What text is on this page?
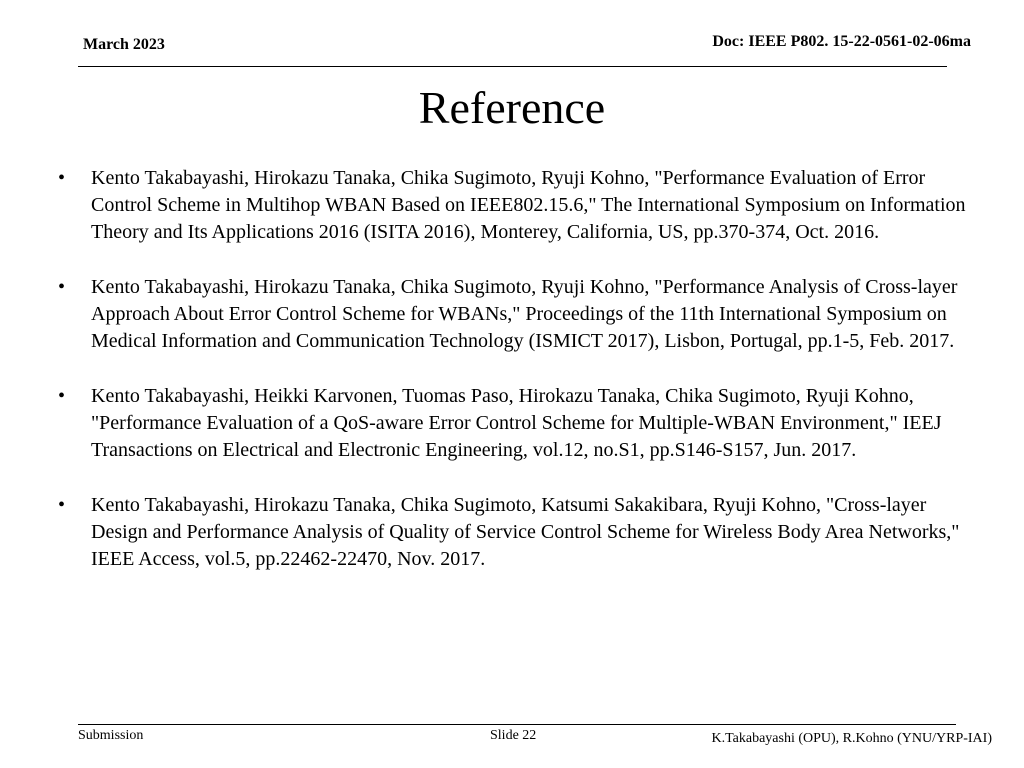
March 2023	Doc: IEEE P802. 15-22-0561-02-06ma
Reference
• Kento Takabayashi, Hirokazu Tanaka, Chika Sugimoto, Ryuji Kohno, "Performance Evaluation of Error Control Scheme in Multihop WBAN Based on IEEE802.15.6," The International Symposium on Information Theory and Its Applications 2016 (ISITA 2016), Monterey, California, US, pp.370-374, Oct. 2016.
• Kento Takabayashi, Hirokazu Tanaka, Chika Sugimoto, Ryuji Kohno, "Performance Analysis of Cross-layer Approach About Error Control Scheme for WBANs," Proceedings of the 11th International Symposium on Medical Information and Communication Technology (ISMICT 2017), Lisbon, Portugal, pp.1-5, Feb. 2017.
• Kento Takabayashi, Heikki Karvonen, Tuomas Paso, Hirokazu Tanaka, Chika Sugimoto, Ryuji Kohno, "Performance Evaluation of a QoS-aware Error Control Scheme for Multiple-WBAN Environment," IEEJ Transactions on Electrical and Electronic Engineering, vol.12, no.S1, pp.S146-S157, Jun. 2017.
• Kento Takabayashi, Hirokazu Tanaka, Chika Sugimoto, Katsumi Sakakibara, Ryuji Kohno, "Cross-layer Design and Performance Analysis of Quality of Service Control Scheme for Wireless Body Area Networks," IEEE Access, vol.5, pp.22462-22470, Nov. 2017.
Submission	Slide 22	K.Takabayashi (OPU), R.Kohno (YNU/YRP-IAI)
